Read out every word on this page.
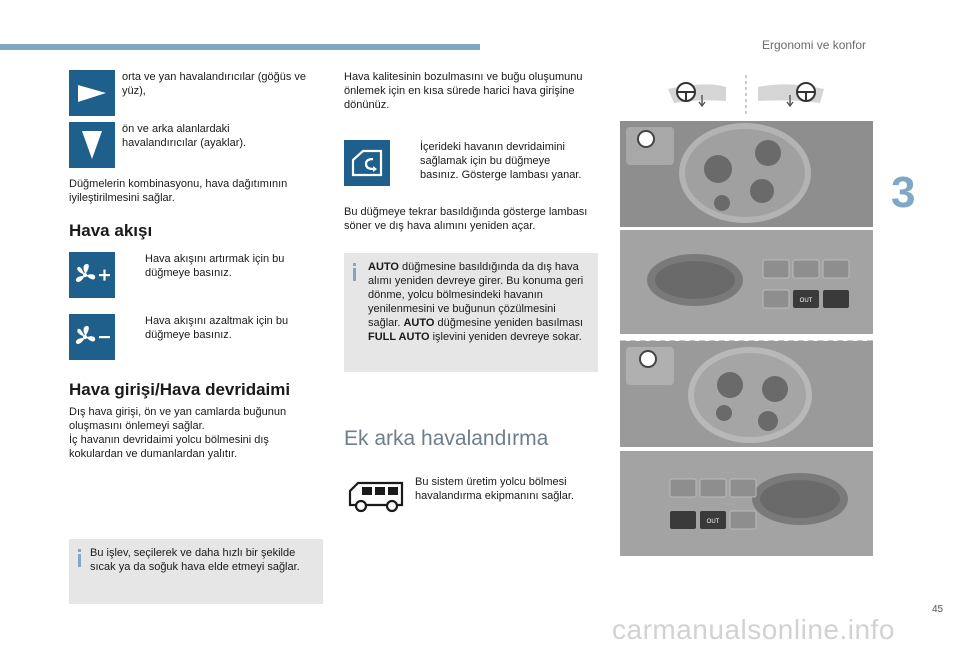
Ergonomi ve konfor
3
orta ve yan havalandırıcılar (göğüs ve yüz),
ön ve arka alanlardaki havalandırıcılar (ayaklar).
Düğmelerin kombinasyonu, hava dağıtımının iyileştirilmesini sağlar.
Hava akışı
Hava akışını artırmak için bu düğmeye basınız.
Hava akışını azaltmak için bu düğmeye basınız.
Hava girişi/Hava devridaimi
Dış hava girişi, ön ve yan camlarda buğunun oluşmasını önlemeyi sağlar.
İç havanın devridaimi yolcu bölmesini dış kokulardan ve dumanlardan yalıtır.
Bu işlev, seçilerek ve daha hızlı bir şekilde sıcak ya da soğuk hava elde etmeyi sağlar.
Hava kalitesinin bozulmasını ve buğu oluşumunu önlemek için en kısa sürede harici hava girişine dönünüz.
İçerideki havanın devridaimini sağlamak için bu düğmeye basınız. Gösterge lambası yanar.
Bu düğmeye tekrar basıldığında gösterge lambası söner ve dış hava alımını yeniden açar.
AUTO düğmesine basıldığında da dış hava alımı yeniden devreye girer. Bu konuma geri dönme, yolcu bölmesindeki havanın yenilenmesini ve buğunun çözülmesini sağlar. AUTO düğmesine yeniden basılması FULL AUTO işlevini yeniden devreye sokar.
Ek arka havalandırma
Bu sistem üretim yolcu bölmesi havalandırma ekipmanını sağlar.
OUT
OUT
45
carmanualsonline.info
